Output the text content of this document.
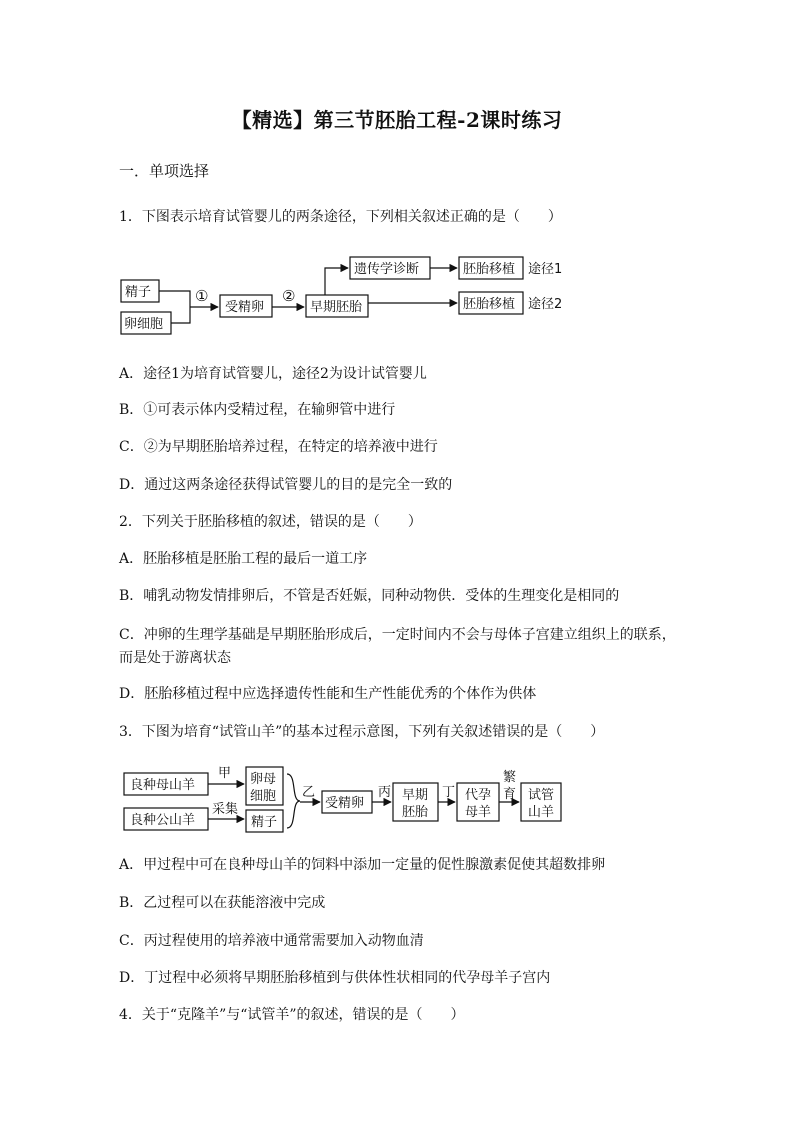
【精选】第三节胚胎工程-2课时练习
一．单项选择
1．下图表示培育试管婴儿的两条途径，下列相关叙述正确的是（　　）
精子
卵细胞
①
受精卵
②
早期胚胎
遗传学诊断	胚胎移植
胚胎移植
途径1
途径2
A．途径1为培育试管婴儿，途径2为设计试管婴儿
B．①可表示体内受精过程，在输卵管中进行
C．②为早期胚胎培养过程，在特定的培养液中进行
D．通过这两条途径获得试管婴儿的目的是完全一致的
2．下列关于胚胎移植的叙述，错误的是（　　）
A．胚胎移植是胚胎工程的最后一道工序
B．哺乳动物发情排卵后，不管是否妊娠，同种动物供．受体的生理变化是相同的
C．冲卵的生理学基础是早期胚胎形成后，一定时间内不会与母体子宫建立组织上的联系，而是处于游离状态
D．胚胎移植过程中应选择遗传性能和生产性能优秀的个体作为供体
3．下图为培育“试管山羊”的基本过程示意图，下列有关叙述错误的是（　　）
良种母山羊
良种公山羊
甲
采集
卵母
细胞
精子
乙
受精卵
丙 早期
胚胎
丁 代孕
母羊
繁
育 试管
山羊
A．甲过程中可在良种母山羊的饲料中添加一定量的促性腺激素促使其超数排卵
B．乙过程可以在获能溶液中完成
C．丙过程使用的培养液中通常需要加入动物血清
D．丁过程中必须将早期胚胎移植到与供体性状相同的代孕母羊子宫内
4．关于“克隆羊”与“试管羊”的叙述，错误的是（　　）
